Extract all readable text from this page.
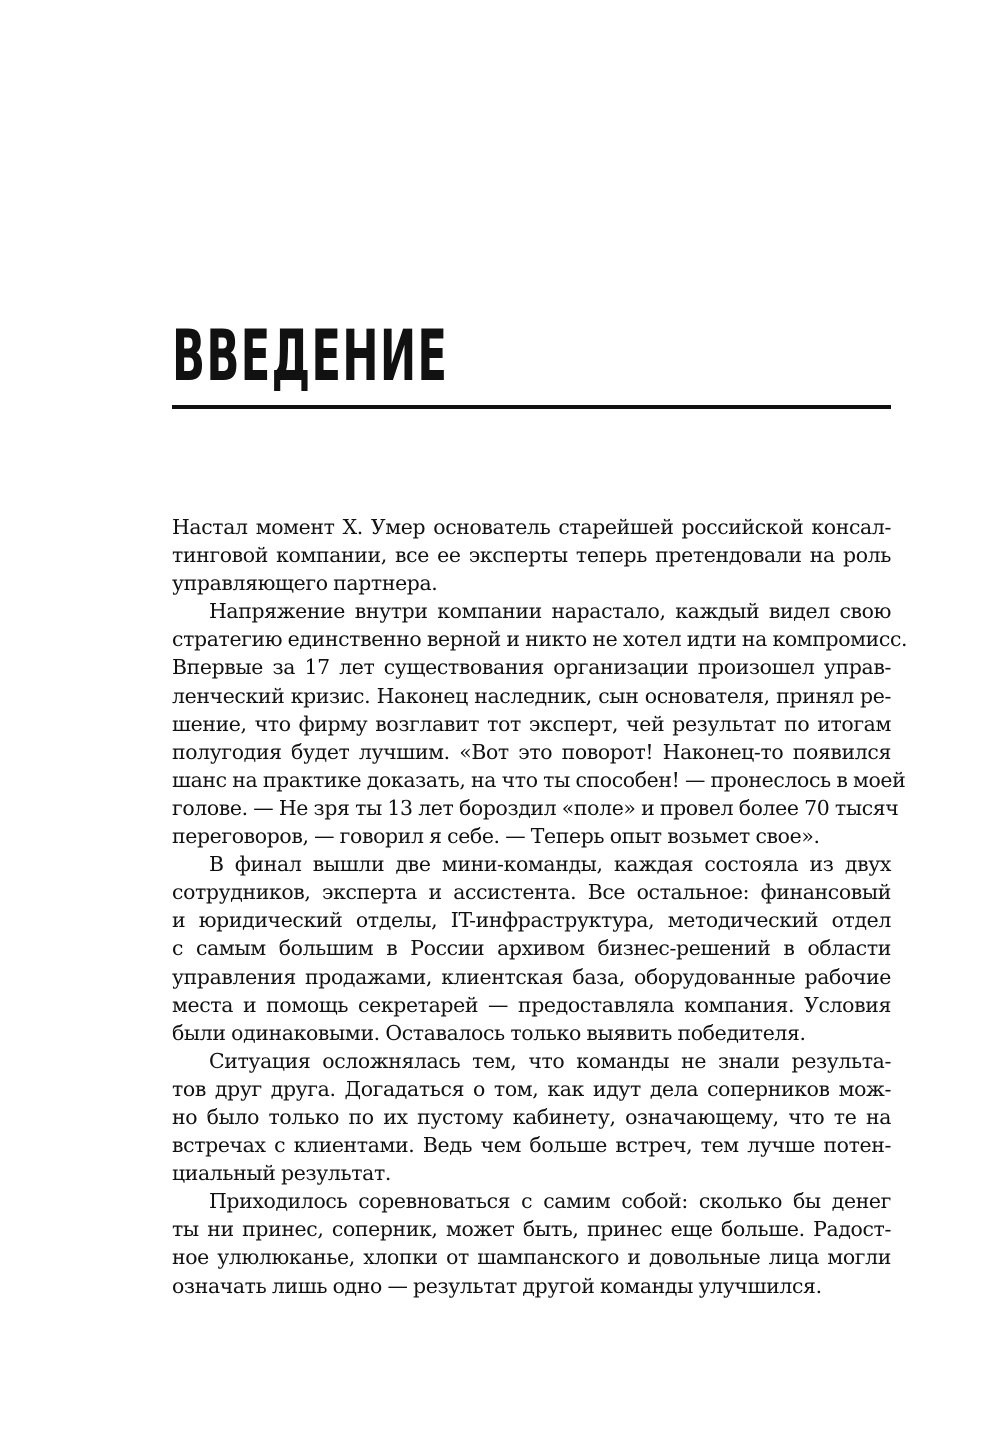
ВВЕДЕНИЕ

Настал момент Х. Умер основатель старейшей российской консал-
тинговой компании, все ее эксперты теперь претендовали на роль
управляющего партнера.

Напряжение внутри компании нарастало, каждый видел свою
стратегию единственно верной и никто не хотел идти на компромисс.
Впервые за 17 лет существования организации произошел управ-
ленческий кризис. Наконец наследник, сын основателя, принял ре-
шение, что фирму возглавит тот эксперт, чей результат по итогам
полугодия будет лучшим. «Вот это поворот! Наконец-то появился
шанс на практике доказать, на что ты способен! — пронеслось в моей
голове. — Не зря ты 13 лет бороздил «поле» и провел более 70 тысяч
переговоров, — говорил я себе. — Теперь опыт возьмет свое».

В финал вышли две мини-команды, каждая состояла из двух
сотрудников, эксперта и ассистента. Все остальное: финансовый
и юридический отделы, IT-инфраструктура, методический отдел
с самым большим в России архивом бизнес-решений в области
управления продажами, клиентская база, оборудованные рабочие
места и помощь секретарей — предоставляла компания. Условия
были одинаковыми. Оставалось только выявить победителя.

Ситуация осложнялась тем, что команды не знали результа-
тов друг друга. Догадаться о том, как идут дела соперников мож-
но было только по их пустому кабинету, означающему, что те на
встречах с клиентами. Ведь чем больше встреч, тем лучше потен-
циальный результат.

Приходилось соревноваться с самим собой: сколько бы денег
ты ни принес, соперник, может быть, принес еще больше. Радост-
ное улюлюканье, хлопки от шампанского и довольные лица могли
означать лишь одно — результат другой команды улучшился.
